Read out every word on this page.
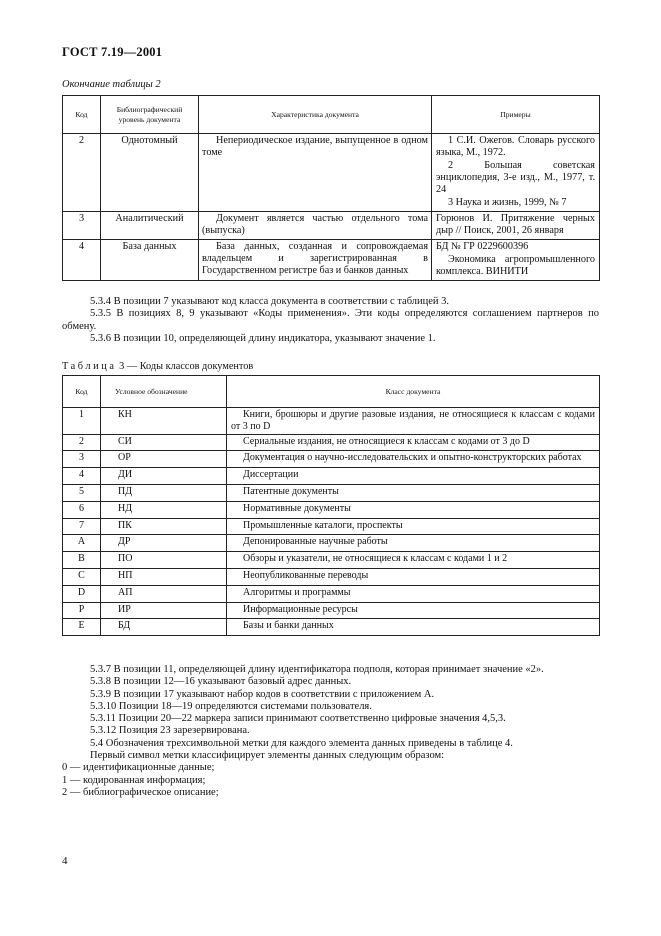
ГОСТ 7.19—2001
Окончание таблицы 2
Код	Библиографический уровень документа	Характеристика документа	Примеры
2	Однотомный	Непериодическое издание, выпущенное в одном томе	1 С.И. Ожегов. Словарь русского языка, М., 1972.
2 Большая советская энциклопедия, 3-е изд., М., 1977, т. 24
3 Наука и жизнь, 1999, № 7

3	Аналитический	Документ является частью отдельного тома (выпуска)	Горюнов И. Притяжение черных дыр // Поиск, 2001, 26 января

4	База данных	База данных, созданная и сопровождаемая владельцем и зарегистрированная в Государственном регистре баз и банков данных	БД № ГР 0229600396
Экономика агропромышленного комплекса. ВИНИТИ

5.3.4 В позиции 7 указывают код класса документа в соответствии с таблицей 3.

5.3.5 В позициях 8, 9 указывают «Коды применения». Эти коды определяются соглашением партнеров по обмену.

5.3.6 В позиции 10, определяющей длину индикатора, указывают значение 1.

Таблица 3 — Коды классов документов
Код	Условное обозначение	Класс документа
1	КН	Книги, брошюры и другие разовые издания, не относящиеся к классам с кодами от 3 по D
2	СИ	Сериальные издания, не относящиеся к классам с кодами от 3 до D
3	ОР	Документация о научно-исследовательских и опытно-конструкторских работах
4	ДИ	Диссертации
5	ПД	Патентные документы
6	НД	Нормативные документы
7	ПК	Промышленные каталоги, проспекты
А	ДР	Депонированные научные работы
В	ПО	Обзоры и указатели, не относящиеся к классам с кодами 1 и 2
С	НП	Неопубликованные переводы
D	АП	Алгоритмы и программы
Р	ИР	Информационные ресурсы
Е	БД	Базы и банки данных

5.3.7 В позиции 11, определяющей длину идентификатора подполя, которая принимает значение «2».

5.3.8 В позиции 12—16 указывают базовый адрес данных.

5.3.9 В позиции 17 указывают набор кодов в соответствии с приложением А.

5.3.10 Позиции 18—19 определяются системами пользователя.

5.3.11 Позиции 20—22 маркера записи принимают соответственно цифровые значения 4,5,3.

5.3.12 Позиция 23 зарезервирована.

5.4 Обозначения трехсимвольной метки для каждого элемента данных приведены в таблице 4.

Первый символ метки классифицирует элементы данных следующим образом:

0 — идентификационные данные;

1 — кодированная информация;

2 — библиографическое описание;

4
